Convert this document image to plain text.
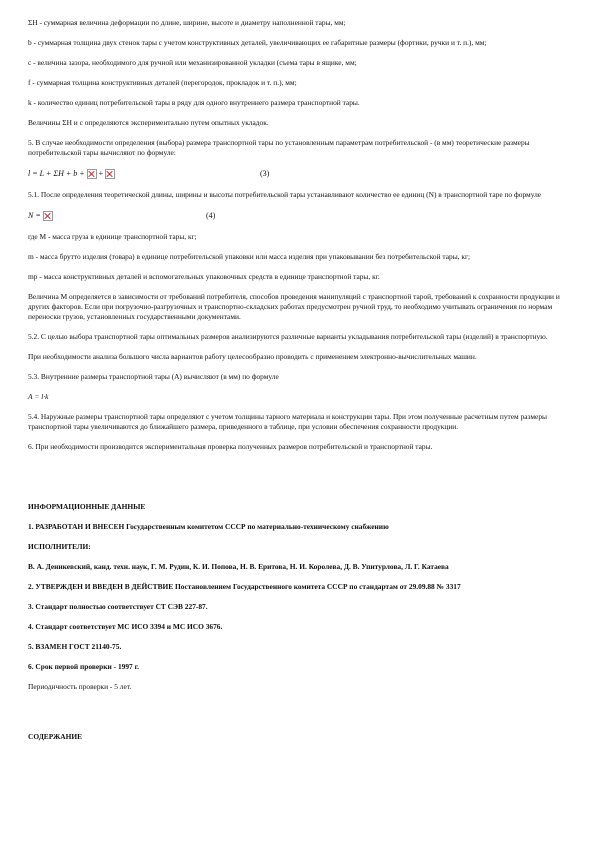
ΣH - суммарная величина деформации по длине, ширине, высоте и диаметру наполненной тары, мм;

b - суммарная толщина двух стенок тары с учетом конструктивных деталей, увеличивающих ее габаритные размеры (фортики, ручки и т. п.), мм;

с - величина зазора, необходимого для ручной или механизированной укладки (съема тары в ящике, мм;

f - суммарная толщина конструктивных деталей (перегородок, прокладок и т. п.), мм;

k - количество единиц потребительской тары в ряду для одного внутреннего размера транспортной тары.

Величины ΣН и с определяются экспериментально путем опытных укладок.

5. В случае необходимости определения (выбора) размера транспортной тары по установленным параметрам потребительской - (в мм) теоретические размеры потребительской тары вычисляют по формуле:

l = L + ΣН + b + +	(3)

5.1. После определения теоретической длины, ширины и высоты потребительской тары устанавливают количество ее единиц (N) в транспортной таре по формуле

N =	(4)

где М - масса груза в единице транспортной тары, кг;

m - масса брутто изделия (товара) в единице потребительской упаковки или масса изделия при упаковывании без потребительской тары, кг;

mр - масса конструктивных деталей и вспомогательных упаковочных средств в единице транспортной тары, кг.

Величина М определяется в зависимости от требований потребителя, способов проведения манипуляций с транспортной тарой, требований к сохранности продукции и других факторов. Если при погрузочно-разгрузочных и транспортно-складских работах предусмотрен ручной труд, то необходимо учитывать ограничения по нормам переноски грузов, установленных государственными документами.

5.2. С целью выбора транспортной тары оптимальных размеров анализируются различные варианты укладывания потребительской тары (изделий) в транспортную.

При необходимости анализа большого числа вариантов работу целесообразно проводить с применением электронно-вычислительных машин.

5.3. Внутренние размеры транспортной тары (А) вычисляют (в мм) по формуле

А = l·k

5.4. Наружные размеры транспортной тары определяют с учетом толщины тарного материала и конструкции тары. При этом полученные расчетным путем размеры транспортной тары увеличиваются до ближайшего размера, приведенного в таблице, при условии обеспечения сохранности продукции.

6. При необходимости производится экспериментальная проверка полученных размеров потребительской и транспортной тары.

ИНФОРМАЦИОННЫЕ ДАННЫЕ

1. РАЗРАБОТАН И ВНЕСЕН Государственным комитетом СССР по материально-техническому снабжению

ИСПОЛНИТЕЛИ:

В. А. Деникевский, канд. техн. наук, Г. М. Рудин, К. И. Попова, Н. В. Еритова, Н. И. Королева, Д. В. Упитурлова, Л. Г. Катаева

2. УТВЕРЖДЕН И ВВЕДЕН В ДЕЙСТВИЕ Постановлением Государственного комитета СССР по стандартам от 29.09.88 № 3317

3. Стандарт полностью соответствует СТ СЭВ 227-87.

4. Стандарт соответствует МС ИСО 3394 и МС ИСО 3676.

5. ВЗАМЕН ГОСТ 21140-75.

6. Срок первой проверки - 1997 г.

Периодичность проверки - 5 лет.

СОДЕРЖАНИЕ
